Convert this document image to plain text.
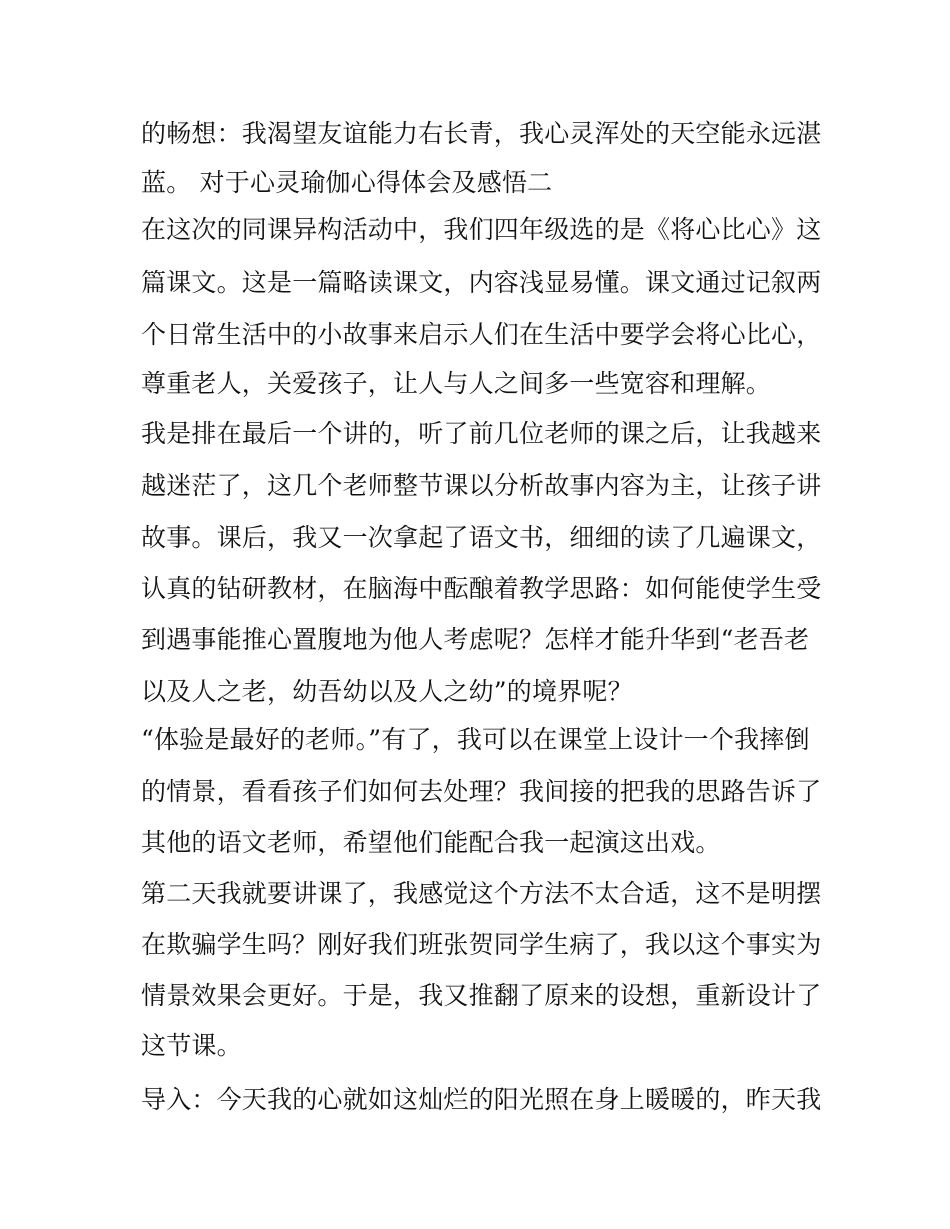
的畅想：我渴望友谊能力右长青，我心灵浑处的天空能永远湛
蓝。 对于心灵瑜伽心得体会及感悟二
在这次的同课异构活动中，我们四年级选的是《将心比心》这
篇课文。这是一篇略读课文，内容浅显易懂。课文通过记叙两
个日常生活中的小故事来启示人们在生活中要学会将心比心，
尊重老人，关爱孩子，让人与人之间多一些宽容和理解。
我是排在最后一个讲的，听了前几位老师的课之后，让我越来
越迷茫了，这几个老师整节课以分析故事内容为主，让孩子讲
故事。课后，我又一次拿起了语文书，细细的读了几遍课文，
认真的钻研教材，在脑海中酝酿着教学思路：如何能使学生受
到遇事能推心置腹地为他人考虑呢？怎样才能升华到“老吾老
以及人之老，幼吾幼以及人之幼”的境界呢？
“体验是最好的老师。”有了，我可以在课堂上设计一个我摔倒
的情景，看看孩子们如何去处理？我间接的把我的思路告诉了
其他的语文老师，希望他们能配合我一起演这出戏。
第二天我就要讲课了，我感觉这个方法不太合适，这不是明摆
在欺骗学生吗？刚好我们班张贺同学生病了，我以这个事实为
情景效果会更好。于是，我又推翻了原来的设想，重新设计了
这节课。
导入：今天我的心就如这灿烂的阳光照在身上暖暖的，昨天我
